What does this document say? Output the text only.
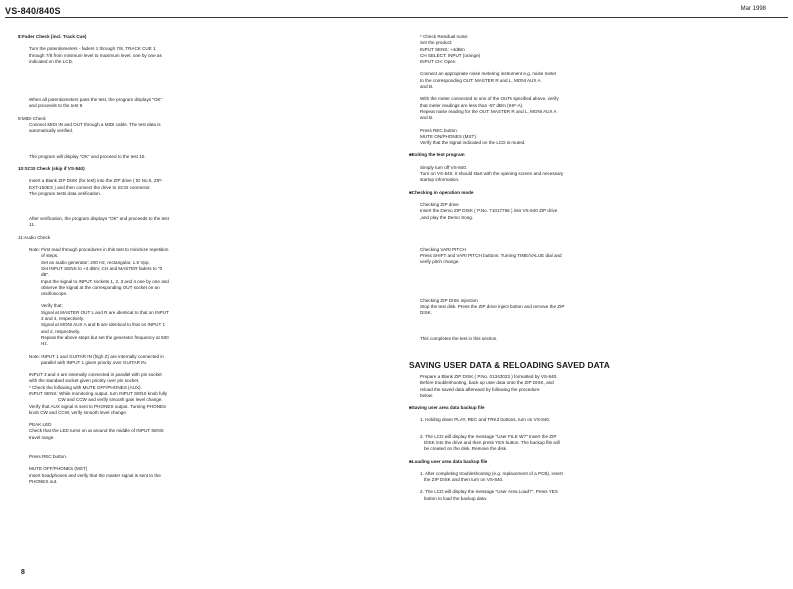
VS-840/840S	Mar 1998

8:Fader Check (incl. Track Cue)

Turn the potentiometers - faders 1 through 7/8, TRACK CUE 1

through 7/8 from minimum level to maximum level, one by one as

indicated on the LCD.

When all potentiometers pass the test, the program displays "OK"

and proceeds to the test 9.

9:MIDI Check

Connect MIDI IN and OUT through a MIDI cable. The test data is

automatically verified.

The program will display "OK" and proceed to the test 10.

10:SCSI Check (skip if VS-840)

Insert a Blank ZIP DISK (for test) into the ZIP drive ( ID No.5, ZIP-

EXT-150ES ) and then connect the drive to SCSI connector.

The program tests data verification.

After verification, the program displays "OK" and proceeds to the test

11.

11:Audio Check

Note: First read through procedures in this test to minimize repetition

of steps.

Set an audio generator: 200 Hz, rectangular, 1.5 Vpp.

Set INPUT SENS to +4 dBm; CH and MASTER faders to "0

dB".

Input the signal to INPUT sockets 1, 2, 3 and 4 one by one and

observe the signal at the corresponding OUT socket on an

oscilloscope.

Verify that:

Signal at MASTER OUT L and R are identical to that on INPUT

3 and 4, respectively.

Signal at MONI AUX A and B are identical to that on INPUT 1

and 2, respectively.

Repeat the above steps but set the generator frequency at 500

Hz.

Note: INPUT 1 and GUITAR IN (high Z) are internally connected in

parallel with INPUT 1 given priority over GUITAR IN.

INPUT 3 and 4 are internally connected in parallel with pin socket

with the standard socket given priority over pin socket.

* Check the following with MUTE OFF/PHONES (AUX).

INPUT SENS: While monitoring output, turn INPUT SENS knob fully

CW and CCW and verify smooth gain level change.

Verify that AUX signal is sent to PHONES output. Turning PHONES

knob CW and CCW, verify smooth level change.

PEAK LED

Check that the LED turns on at around the middle of INPUT SENS

travel range.

Press REC button.

MUTE OFF/PHONES (MST)

Insert headphones and verify that the master signal is sent to the

PHONES out.

* Check Residual noise

Set the product:

INPUT SENS: +4dBm

CH SELECT: INPUT (orange)

INPUT CH: Open

Connect an appropriate noise metering instrument e.g. noise meter

to the corresponding OUT: MASTER R and L, MONI AUX A

and B.

With the meter connected to one of the OUTs specified above, verify

that meter readings are less than -87 dBm (IHF-A).

Repeat noise reading for the OUT: MASTER R and L, MONI AUX A

and B.

Press REC button

MUTE ON/PHONES (MST)

Verify that the signal indicated on the LCD is muted.

■Exiting the test program

Simply turn off VS-840.

Turn on VS-840. It should start with the opening screen and necessary

startup information.

■Checking in operation mode

Checking ZIP drive

Insert the Demo ZIP DISK ( P.No. 71017756 ) into VS-840 ZIP drive

,and play the Demo Song.

Checking VARI PITCH

Press SHIFT and VARI PITCH buttons. Turning TIME/VALUE dial and

verify pitch change.

Checking ZIP DISK injection

Stop the test disk. Press the ZIP drive inject button and remove the ZIP

DISK.

This completes the test in this section.

SAVING USER DATA & RELOADING SAVED DATA

Prepare a Blank ZIP DISK ( P.No. 01343023 ) formatted by VS-840.

Before troubleshooting, back up user data onto the ZIP DISK, and

reload the saved data afterward by following the procedure

below.

■Saving user area data backup file

1. Holding down PLAY, REC and TRK3 buttons, turn on VS-840.

2. The LCD will display the message "User FILE W?" Insert the ZIP

DISK into the drive and then press YES button. The backup file will

be created on the disk. Remove the disk.

■Loading user area data backup file

1. After completing troubleshooting (e.g. replacement of a PCB), insert

the ZIP DISK and then turn on VS-840.

2. The LCD will display the message "User Area Load?". Press YES

button to load the backup data.

8
